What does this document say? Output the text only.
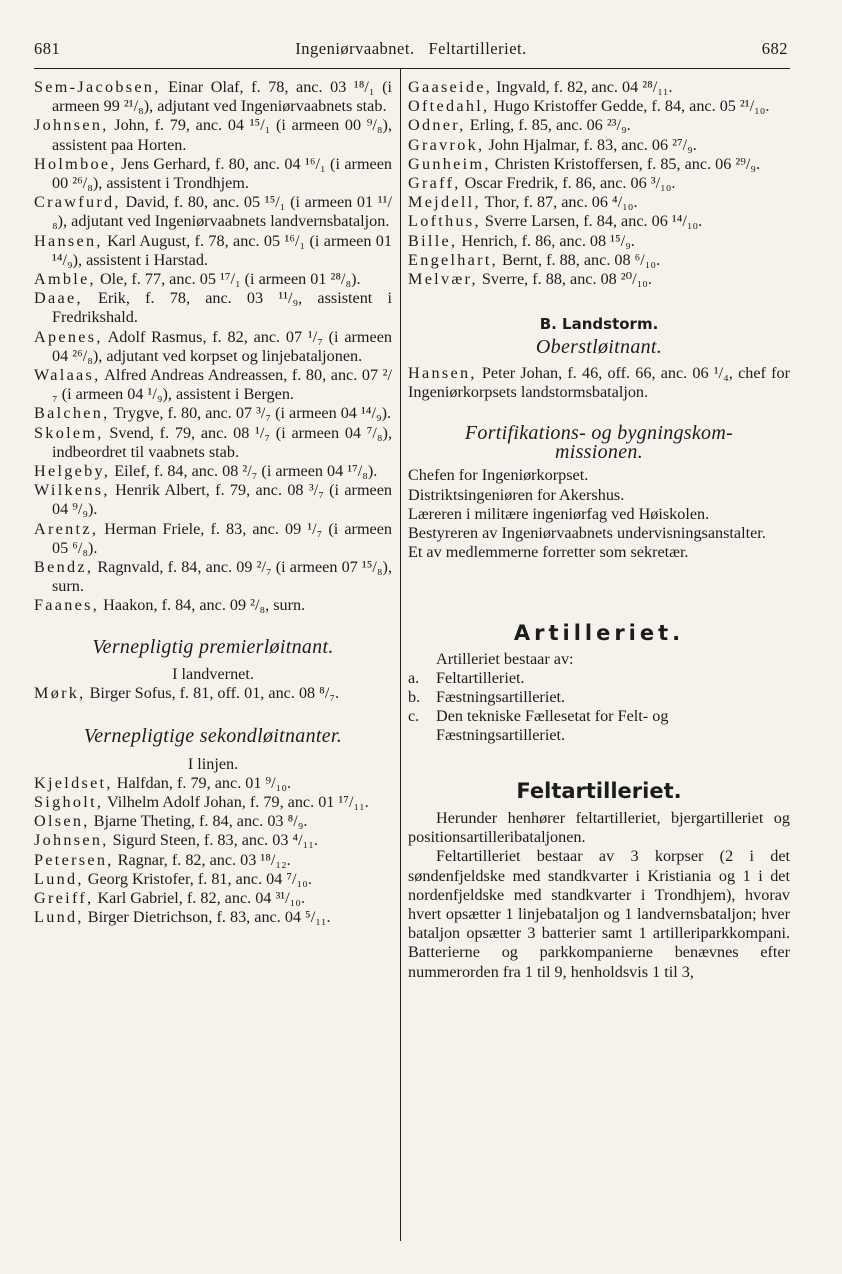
681	Ingeniørvaabnet.   Feltartilleriet.	682

Sem-Jacobsen, Einar Olaf, f. 78, anc. 03 ¹⁸/₁ (i armeen 99 ²¹/₈), adjutant ved Ingeniørvaabnets stab.

Johnsen, John, f. 79, anc. 04 ¹⁵/₁ (i armeen 00 ⁹/₈), assistent paa Horten.

Holmboe, Jens Gerhard, f. 80, anc. 04 ¹⁶/₁ (i armeen 00 ²⁶/₈), assistent i Trondhjem.

Crawfurd, David, f. 80, anc. 05 ¹⁵/₁ (i armeen 01 ¹¹/₈), adjutant ved Ingeniørvaabnets landvernsbataljon.

Hansen, Karl August, f. 78, anc. 05 ¹⁶/₁ (i armeen 01 ¹⁴/₉), assistent i Harstad.

Amble, Ole, f. 77, anc. 05 ¹⁷/₁ (i armeen 01 ²⁸/₈).

Daae, Erik, f. 78, anc. 03 ¹¹/₉, assistent i Fredrikshald.

Apenes, Adolf Rasmus, f. 82, anc. 07 ¹/₇ (i armeen 04 ²⁶/₈), adjutant ved korpset og linjebataljonen.

Walaas, Alfred Andreas Andreassen, f. 80, anc. 07 ²/₇ (i armeen 04 ¹/₉), assistent i Bergen.

Balchen, Trygve, f. 80, anc. 07 ³/₇ (i armeen 04 ¹⁴/₉).

Skolem, Svend, f. 79, anc. 08 ¹/₇ (i armeen 04 ⁷/₈), indbeordret til vaabnets stab.

Helgeby, Eilef, f. 84, anc. 08 ²/₇ (i armeen 04 ¹⁷/₈).

Wilkens, Henrik Albert, f. 79, anc. 08 ³/₇ (i armeen 04 ⁹/₉).

Arentz, Herman Friele, f. 83, anc. 09 ¹/₇ (i armeen 05 ⁶/₈).

Bendz, Ragnvald, f. 84, anc. 09 ²/₇ (i armeen 07 ¹⁵/₈), surn.

Faanes, Haakon, f. 84, anc. 09 ²/₈, surn.

Vernepligtig premierløitnant.

I landvernet.

Mørk, Birger Sofus, f. 81, off. 01, anc. 08 ⁸/₇.

Vernepligtige sekondløitnanter.

I linjen.

Kjeldset, Halfdan, f. 79, anc. 01 ⁹/₁₀.

Sigholt, Vilhelm Adolf Johan, f. 79, anc. 01 ¹⁷/₁₁.

Olsen, Bjarne Theting, f. 84, anc. 03 ⁸/₉.

Johnsen, Sigurd Steen, f. 83, anc. 03 ⁴/₁₁.

Petersen, Ragnar, f. 82, anc. 03 ¹⁸/₁₂.

Lund, Georg Kristofer, f. 81, anc. 04 ⁷/₁₀.

Greiff, Karl Gabriel, f. 82, anc. 04 ³¹/₁₀.

Lund, Birger Dietrichson, f. 83, anc. 04 ⁵/₁₁.

Gaaseide, Ingvald, f. 82, anc. 04 ²⁸/₁₁.

Oftedahl, Hugo Kristoffer Gedde, f. 84, anc. 05 ²¹/₁₀.

Odner, Erling, f. 85, anc. 06 ²³/₉.

Gravrok, John Hjalmar, f. 83, anc. 06 ²⁷/₉.

Gunheim, Christen Kristoffersen, f. 85, anc. 06 ²⁹/₉.

Graff, Oscar Fredrik, f. 86, anc. 06 ³/₁₀.

Mejdell, Thor, f. 87, anc. 06 ⁴/₁₀.

Lofthus, Sverre Larsen, f. 84, anc. 06 ¹⁴/₁₀.

Bille, Henrich, f. 86, anc. 08 ¹⁵/₉.

Engelhart, Bernt, f. 88, anc. 08 ⁶/₁₀.

Melvær, Sverre, f. 88, anc. 08 ²⁰/₁₀.

B. Landstorm.

Oberstløitnant.

Hansen, Peter Johan, f. 46, off. 66, anc. 06 ¹/₄, chef for Ingeniørkorpsets landstormsbataljon.

Fortifikations- og bygningskom-

missionen.

Chefen for Ingeniørkorpset.

Distriktsingeniøren for Akershus.

Læreren i militære ingeniørfag ved Høiskolen.

Bestyreren av Ingeniørvaabnets undervisningsanstalter.

Et av medlemmerne forretter som sekretær.

Artilleriet.

Artilleriet bestaar av:

a.	Feltartilleriet.
b. Fæstningsartilleriet.
c.	Den tekniske Fællesetat for Felt- og Fæstningsartilleriet.

Feltartilleriet.

Herunder henhører feltartilleriet, bjergartilleriet og positionsartilleribataljonen.

Feltartilleriet bestaar av 3 korpser (2 i det søndenfjeldske med standkvarter i Kristiania og 1 i det nordenfjeldske med standkvarter i Trondhjem), hvorav hvert opsætter 1 linjebataljon og 1 landvernsbataljon; hver bataljon opsætter 3 batterier samt 1 artilleriparkkompani. Batterierne og parkkompanierne benævnes efter nummerorden fra 1 til 9, henholdsvis 1 til 3,
